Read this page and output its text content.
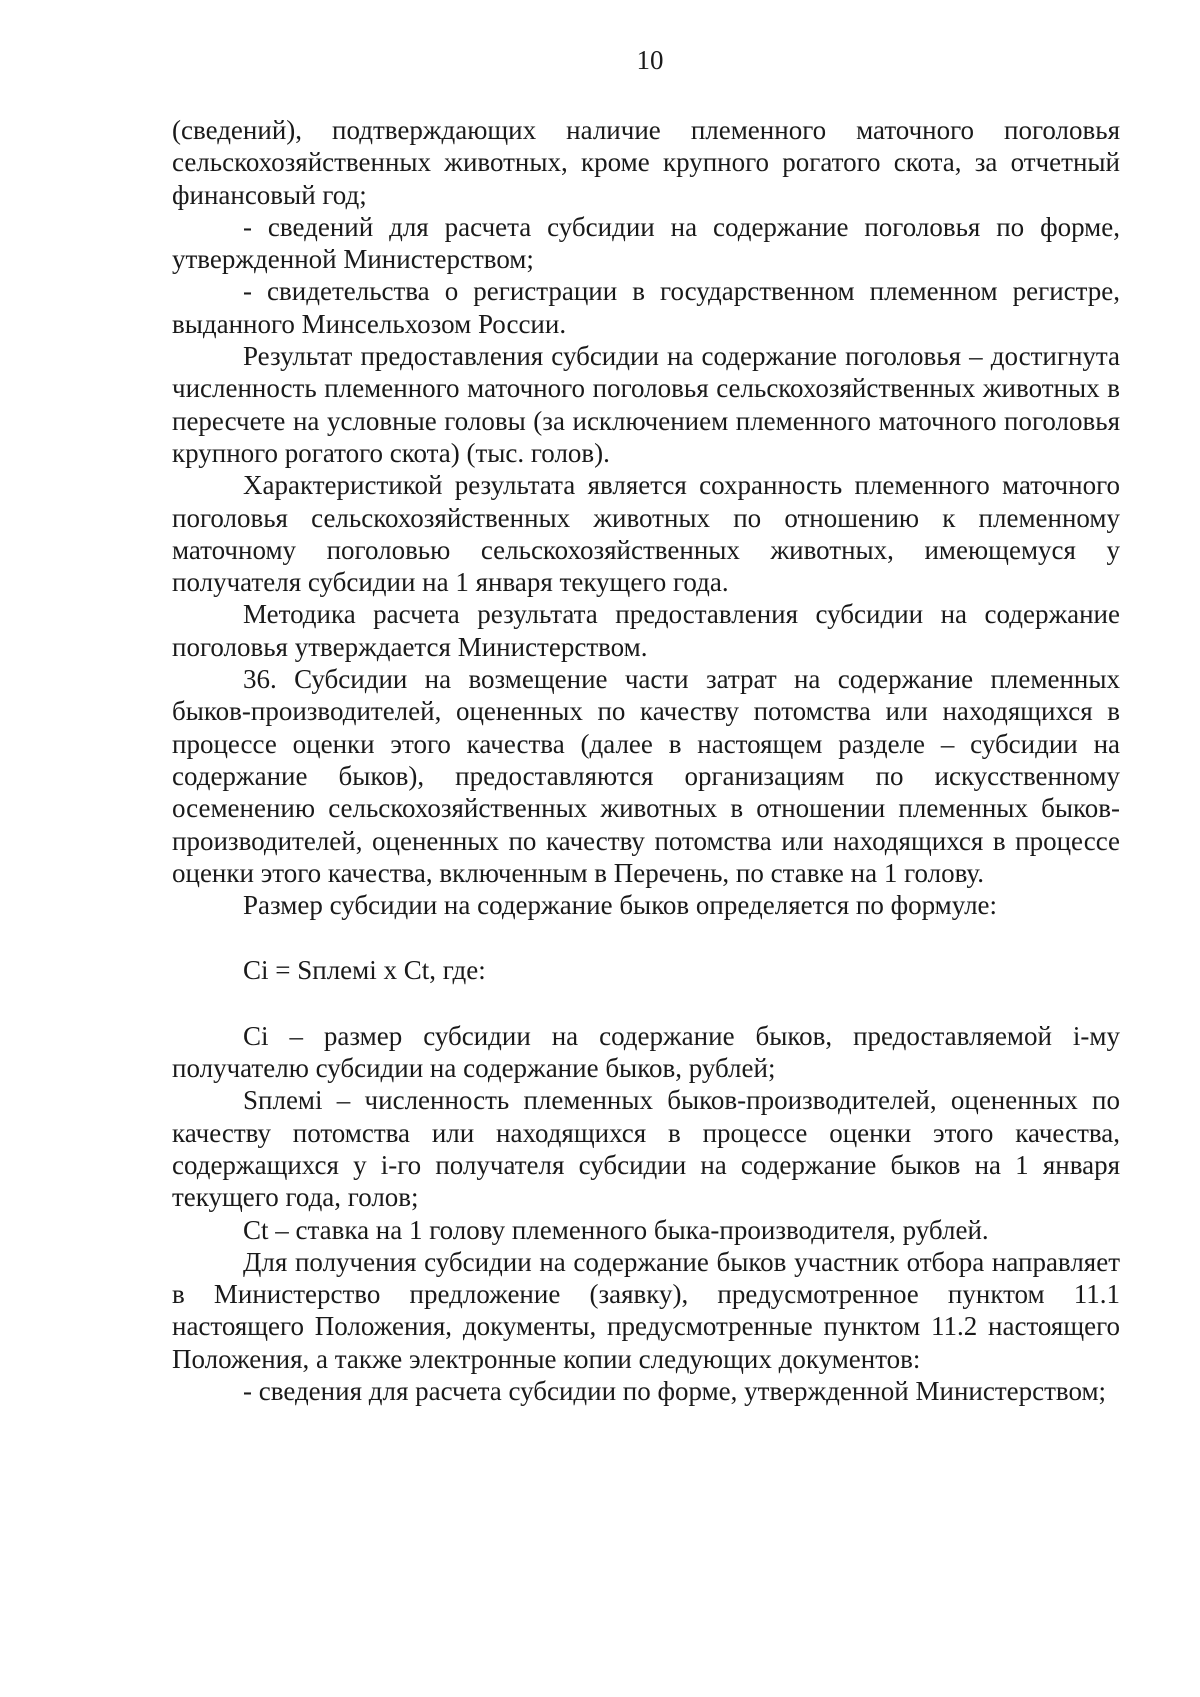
10

(сведений), подтверждающих наличие племенного маточного поголовья сельскохозяйственных животных, кроме крупного рогатого скота, за отчетный финансовый год;

- сведений для расчета субсидии на содержание поголовья по форме, утвержденной Министерством;

- свидетельства о регистрации в государственном племенном регистре, выданного Минсельхозом России.

Результат предоставления субсидии на содержание поголовья – достигнута численность племенного маточного поголовья сельскохозяйственных животных в пересчете на условные головы (за исключением племенного маточного поголовья крупного рогатого скота) (тыс. голов).

Характеристикой результата является сохранность племенного маточного поголовья сельскохозяйственных животных по отношению к племенному маточному поголовью сельскохозяйственных животных, имеющемуся у получателя субсидии на 1 января текущего года.

Методика расчета результата предоставления субсидии на содержание поголовья утверждается Министерством.

36. Субсидии на возмещение части затрат на содержание племенных быков-производителей, оцененных по качеству потомства или находящихся в процессе оценки этого качества (далее в настоящем разделе – субсидии на содержание быков), предоставляются организациям по искусственному осеменению сельскохозяйственных животных в отношении племенных быков-производителей, оцененных по качеству потомства или находящихся в процессе оценки этого качества, включенным в Перечень, по ставке на 1 голову.

Размер субсидии на содержание быков определяется по формуле:

Ci = Sплемi x Ct, где:

Ci – размер субсидии на содержание быков, предоставляемой i-му получателю субсидии на содержание быков, рублей;

Sплемi – численность племенных быков-производителей, оцененных по качеству потомства или находящихся в процессе оценки этого качества, содержащихся у i-го получателя субсидии на содержание быков на 1 января текущего года, голов;

Ct – ставка на 1 голову племенного быка-производителя, рублей.

Для получения субсидии на содержание быков участник отбора направляет в Министерство предложение (заявку), предусмотренное пунктом 11.1 настоящего Положения, документы, предусмотренные пунктом 11.2 настоящего Положения, а также электронные копии следующих документов:

- сведения для расчета субсидии по форме, утвержденной Министерством;
